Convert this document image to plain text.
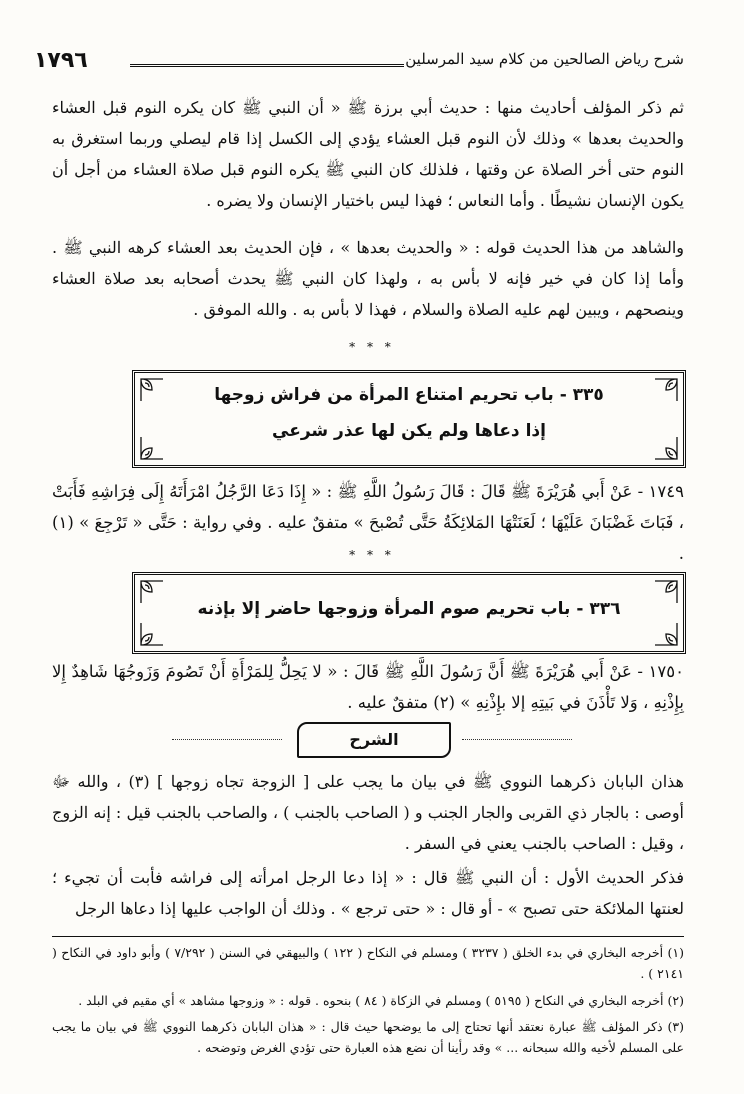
١٧٩٦	شرح رياض الصالحين من كلام سيد المرسلين
ثم ذكر المؤلف أحاديث منها : حديث أبي برزة ﷺ « أن النبي ﷺ كان يكره النوم قبل العشاء والحديث بعدها » وذلك لأن النوم قبل العشاء يؤدي إلى الكسل إذا قام ليصلي وربما استغرق به النوم حتى أخر الصلاة عن وقتها ، فلذلك كان النبي ﷺ يكره النوم قبل صلاة العشاء من أجل أن يكون الإنسان نشيطًا . وأما النعاس ؛ فهذا ليس باختيار الإنسان ولا يضره .
والشاهد من هذا الحديث قوله : « والحديث بعدها » ، فإن الحديث بعد العشاء كرهه النبي ﷺ . وأما إذا كان في خير فإنه لا بأس به ، ولهذا كان النبي ﷺ يحدث أصحابه بعد صلاة العشاء وينصحهم ، ويبين لهم عليه الصلاة والسلام ، فهذا لا بأس به . والله الموفق .
* * *
٣٣٥ - باب تحريم امتناع المرأة من فراش زوجها
إذا دعاها ولم يكن لها عذر شرعي
١٧٤٩ - عَنْ أَبي هُرَيْرَةَ ﷺ قَالَ : قَالَ رَسُولُ اللَّهِ ﷺ : « إِذَا دَعَا الرَّجُلُ امْرَأَتَهُ إِلَى فِرَاشِهِ فَأَبَتْ ، فَبَاتَ غَضْبَانَ عَلَيْهَا ؛ لَعَنَتْهَا المَلائِكَةُ حَتَّى تُصْبحَ » متفقٌ عليه . وفي رواية : حَتَّى « تَرْجِعَ » (١) .
* * *
٣٣٦ - باب تحريم صوم المرأة وزوجها حاضر إلا بإذنه
١٧٥٠ - عَنْ أَبي هُرَيْرَةَ ﷺ أَنَّ رَسُولَ اللَّهِ ﷺ قَالَ : « لا يَحِلُّ لِلمَرْأَةِ أَنْ تَصُومَ وَزَوجُهَا شَاهِدٌ إِلا بِإِذْنِهِ ، وَلا تَأْذَنَ في بَيتِهِ إلا بإِذْنِهِ » (٢) متفقٌ عليه .
الشرح
هذان البابان ذكرهما النووي ﷺ في بيان ما يجب على [ الزوجة تجاه زوجها ] (٣) ، والله ﷻ أوصى : بالجار ذي القربى والجار الجنب و ( الصاحب بالجنب ) ، والصاحب بالجنب قيل : إنه الزوج ، وقيل : الصاحب بالجنب يعني في السفر .
فذكر الحديث الأول : أن النبي ﷺ قال : « إذا دعا الرجل امرأته إلى فراشه فأبت أن تجيء ؛ لعنتها الملائكة حتى تصبح » - أو قال : « حتى ترجع » . وذلك أن الواجب عليها إذا دعاها الرجل
(١) أخرجه البخاري في بدء الخلق ( ٣٢٣٧ ) ومسلم في النكاح ( ١٢٢ ) والبيهقي في السنن ( ٧/٢٩٢ ) وأبو داود في النكاح ( ٢١٤١ ) .
(٢) أخرجه البخاري في النكاح ( ٥١٩٥ ) ومسلم في الزكاة ( ٨٤ ) بنحوه . قوله : « وزوجها مشاهد » أي مقيم في البلد .
(٣) ذكر المؤلف ﷺ عبارة نعتقد أنها تحتاج إلى ما يوضحها حيث قال : « هذان البابان ذكرهما النووي ﷺ في بيان ما يجب على المسلم لأخيه والله سبحانه ... » وقد رأينا أن نضع هذه العبارة حتى تؤدي الغرض وتوضحه .
